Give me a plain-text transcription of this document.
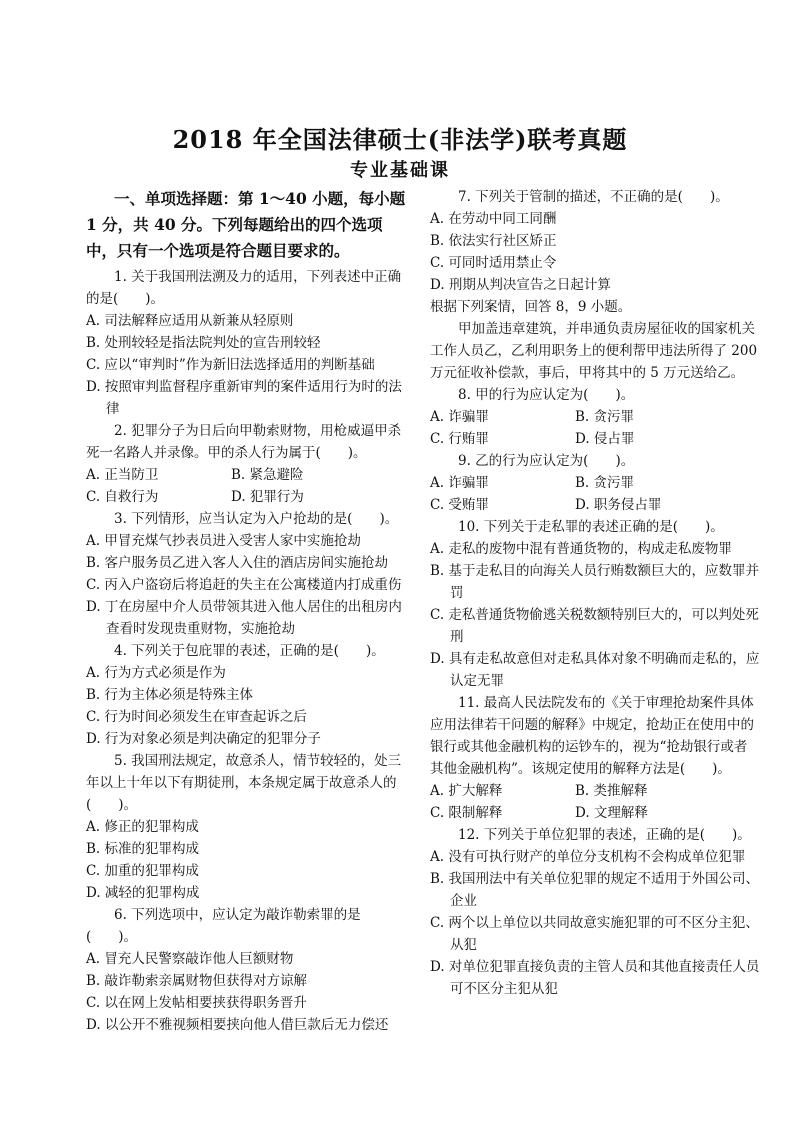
2018 年全国法律硕士(非法学)联考真题
专业基础课
一、单项选择题：第 1～40 小题，每小题 1 分，共 40 分。下列每题给出的四个选项中，只有一个选项是符合题目要求的。

1. 关于我国刑法溯及力的适用，下列表述中正确的是(　　)。

A. 司法解释应适用从新兼从轻原则

B. 处刑较轻是指法院判处的宣告刑较轻

C. 应以“审判时”作为新旧法选择适用的判断基础

D. 按照审判监督程序重新审判的案件适用行为时的法律

2. 犯罪分子为日后向甲勒索财物，用枪威逼甲杀死一名路人并录像。甲的杀人行为属于(　　)。

A. 正当防卫	B. 紧急避险
C. 自救行为	D. 犯罪行为

3. 下列情形，应当认定为入户抢劫的是(　　)。

A. 甲冒充煤气抄表员进入受害人家中实施抢劫

B. 客户服务员乙进入客人入住的酒店房间实施抢劫

C. 丙入户盗窃后将追赶的失主在公寓楼道内打成重伤

D. 丁在房屋中介人员带领其进入他人居住的出租房内查看时发现贵重财物，实施抢劫

4. 下列关于包庇罪的表述，正确的是(　　)。

A. 行为方式必须是作为

B. 行为主体必须是特殊主体

C. 行为时间必须发生在审查起诉之后

D. 行为对象必须是判决确定的犯罪分子

5. 我国刑法规定，故意杀人，情节较轻的，处三年以上十年以下有期徒刑，本条规定属于故意杀人的(　　)。

A. 修正的犯罪构成

B. 标准的犯罪构成

C. 加重的犯罪构成

D. 减轻的犯罪构成

6. 下列选项中，应认定为敲诈勒索罪的是(　　)。

A. 冒充人民警察敲诈他人巨额财物

B. 敲诈勒索亲属财物但获得对方谅解

C. 以在网上发帖相要挟获得职务晋升

D. 以公开不雅视频相要挟向他人借巨款后无力偿还

7. 下列关于管制的描述，不正确的是(　　)。

A. 在劳动中同工同酬

B. 依法实行社区矫正

C. 可同时适用禁止令

D. 刑期从判决宣告之日起计算

根据下列案情，回答 8，9 小题。

甲加盖违章建筑，并串通负责房屋征收的国家机关工作人员乙，乙利用职务上的便利帮甲违法所得了 200 万元征收补偿款，事后，甲将其中的 5 万元送给乙。

8. 甲的行为应认定为(　　)。

A. 诈骗罪	B. 贪污罪
C. 行贿罪	D. 侵占罪

9. 乙的行为应认定为(　　)。

A. 诈骗罪	B. 贪污罪
C. 受贿罪	D. 职务侵占罪

10. 下列关于走私罪的表述正确的是(　　)。

A. 走私的废物中混有普通货物的，构成走私废物罪

B. 基于走私目的向海关人员行贿数额巨大的，应数罪并罚

C. 走私普通货物偷逃关税数额特别巨大的，可以判处死刑

D. 具有走私故意但对走私具体对象不明确而走私的，应认定无罪

11. 最高人民法院发布的《关于审理抢劫案件具体应用法律若干问题的解释》中规定，抢劫正在使用中的银行或其他金融机构的运钞车的，视为“抢劫银行或者其他金融机构”。该规定使用的解释方法是(　　)。

A. 扩大解释	B. 类推解释
C. 限制解释	D. 文理解释

12. 下列关于单位犯罪的表述，正确的是(　　)。

A. 没有可执行财产的单位分支机构不会构成单位犯罪

B. 我国刑法中有关单位犯罪的规定不适用于外国公司、企业

C. 两个以上单位以共同故意实施犯罪的可不区分主犯、从犯

D. 对单位犯罪直接负责的主管人员和其他直接责任人员可不区分主犯从犯
